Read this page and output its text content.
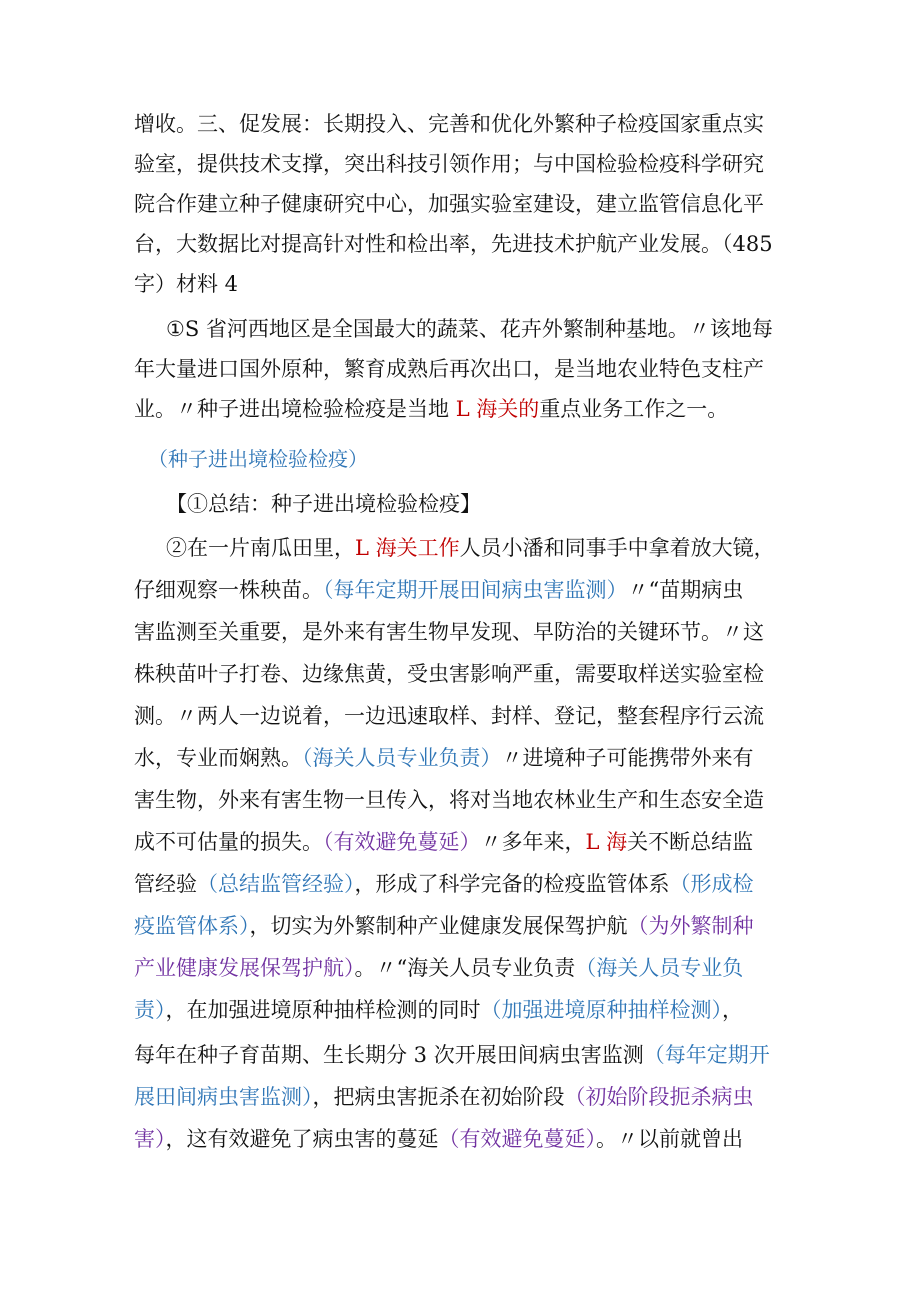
增收。三、促发展：长期投入、完善和优化外繁种子检疫国家重点实
验室，提供技术支撑，突出科技引领作用；与中国检验检疫科学研究
院合作建立种子健康研究中心，加强实验室建设，建立监管信息化平
台，大数据比对提高针对性和检出率，先进技术护航产业发展。（485
字）材料 4
①S 省河西地区是全国最大的蔬菜、花卉外繁制种基地。〃该地每
年大量进口国外原种，繁育成熟后再次出口，是当地农业特色支柱产
业。〃种子进出境检验检疫是当地 L 海关的重点业务工作之一。
（种子进出境检验检疫）
【①总结：种子进出境检验检疫】
②在一片南瓜田里，L 海关工作人员小潘和同事手中拿着放大镜，
仔细观察一株秧苗。（每年定期开展田间病虫害监测）〃“苗期病虫
害监测至关重要，是外来有害生物早发现、早防治的关键环节。〃这
株秧苗叶子打卷、边缘焦黄，受虫害影响严重，需要取样送实验室检
测。〃两人一边说着，一边迅速取样、封样、登记，整套程序行云流
水，专业而娴熟。（海关人员专业负责）〃进境种子可能携带外来有
害生物，外来有害生物一旦传入，将对当地农林业生产和生态安全造
成不可估量的损失。（有效避免蔓延）〃多年来，L 海关不断总结监
管经验（总结监管经验），形成了科学完备的检疫监管体系（形成检
疫监管体系），切实为外繁制种产业健康发展保驾护航（为外繁制种
产业健康发展保驾护航）。〃“海关人员专业负责（海关人员专业负
责），在加强进境原种抽样检测的同时（加强进境原种抽样检测），
每年在种子育苗期、生长期分 3 次开展田间病虫害监测（每年定期开
展田间病虫害监测），把病虫害扼杀在初始阶段（初始阶段扼杀病虫
害），这有效避免了病虫害的蔓延（有效避免蔓延）。〃以前就曾出
